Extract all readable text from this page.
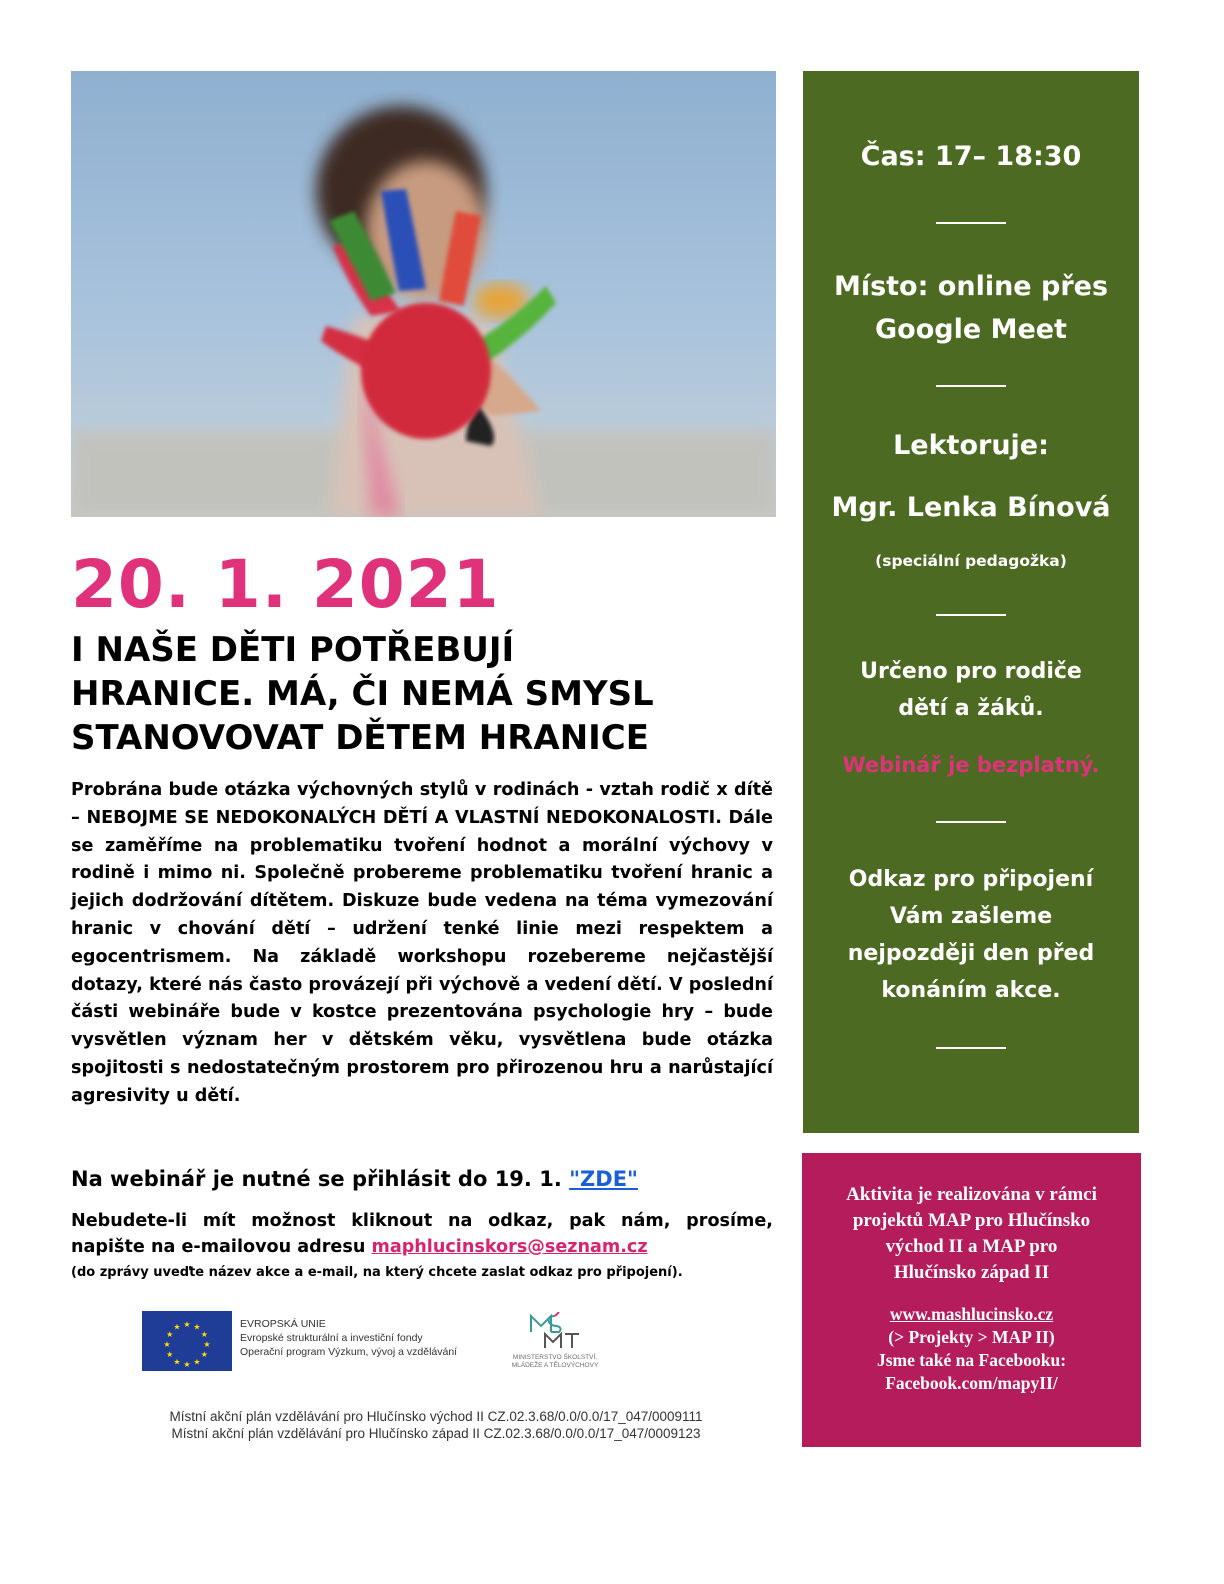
20. 1. 2021
I NAŠE DĚTI POTŘEBUJÍ
HRANICE. MÁ, ČI NEMÁ SMYSL
STANOVOVAT DĚTEM HRANICE
Probrána bude otázka výchovných stylů v rodinách - vztah rodič x dítě – NEBOJME SE NEDOKONALÝCH DĚTÍ A VLASTNÍ NEDOKONALOSTI. Dále se zaměříme na problematiku tvoření hodnot a morální výchovy v rodině i mimo ni. Společně probereme problematiku tvoření hranic a jejich dodržování dítětem. Diskuze bude vedena na téma vymezování hranic v chování dětí – udržení tenké linie mezi respektem a egocentrismem. Na základě workshopu rozebereme nejčastější dotazy, které nás často provázejí při výchově a vedení dětí. V poslední části webináře bude v kostce prezentována psychologie hry – bude vysvětlen význam her v dětském věku, vysvětlena bude otázka spojitosti s nedostatečným prostorem pro přirozenou hru a narůstající agresivity u dětí.
Na webinář je nutné se přihlásit do 19. 1. "ZDE"
Nebudete-li mít možnost kliknout na odkaz, pak nám, prosíme, napište na e-mailovou adresu maphlucinskors@seznam.cz
(do zprávy uveďte název akce a e-mail, na který chcete zaslat odkaz pro připojení).
★ ★
★
★
★
★
★
★
★
★
★
★	EVROPSKÁ UNIE
Evropské strukturální a investiční fondy
Operační program Výzkum, vývoj a vzdělávání	MINISTERSTVO ŠKOLSTVÍ,
MLÁDEŽE A TĚLOVÝCHOVY
Místní akční plán vzdělávání pro Hlučínsko východ II CZ.02.3.68/0.0/0.0/17_047/0009111
Místní akční plán vzdělávání pro Hlučínsko západ II CZ.02.3.68/0.0/0.0/17_047/0009123
Čas: 17– 18:30
Místo: online přes
Google Meet
Lektoruje:
Mgr. Lenka Bínová
(speciální pedagožka)
Určeno pro rodiče
dětí a žáků.
Webinář je bezplatný.
Odkaz pro připojení
Vám zašleme
nejpozději den před
konáním akce.
Aktivita je realizována v rámci
projektů MAP pro Hlučínsko
východ II a MAP pro
Hlučínsko západ II
www.mashlucinsko.cz
(> Projekty > MAP II)
Jsme také na Facebooku:
Facebook.com/mapyII/
